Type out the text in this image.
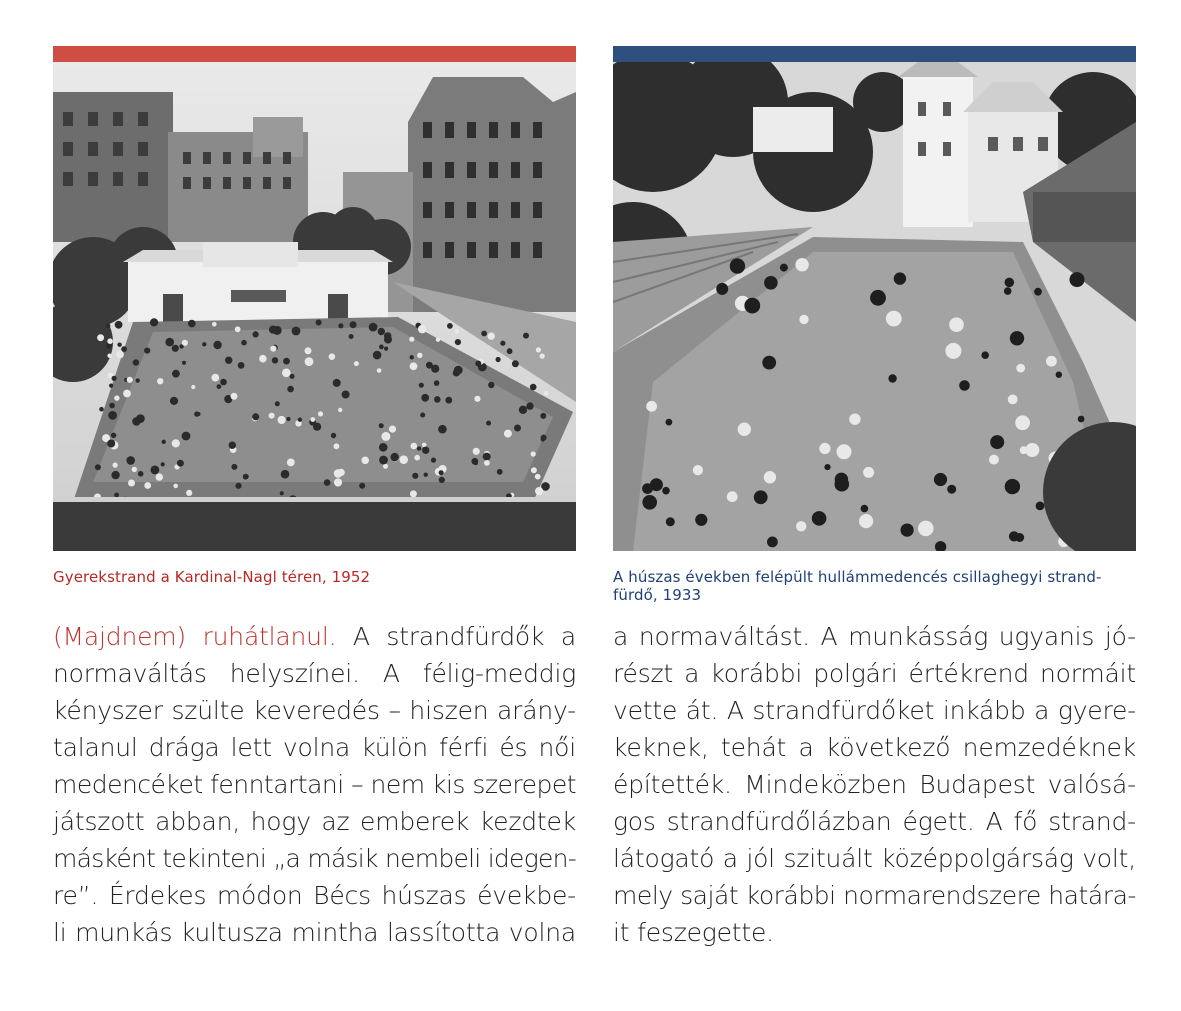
Gyerekstrand a Kardinal-Nagl téren, 1952	A húszas években felépült hullámmedencés csillaghegyi strand-
fürdő, 1933
(Majdnem) ruhátlanul. A strandfürdők a
normaváltás helyszínei. A félig-meddig
kényszer szülte keveredés – hiszen arány-
talanul drága lett volna külön férfi és női
medencéket fenntartani – nem kis szerepet
játszott abban, hogy az emberek kezdtek
másként tekinteni „a másik nembeli idegen-
re”. Érdekes módon Bécs húszas évekbe-
li munkás kultusza mintha lassította volna
a normaváltást. A munkásság ugyanis jó-
részt a korábbi polgári értékrend normáit
vette át. A strandfürdőket inkább a gyere-
keknek, tehát a következő nemzedéknek
építették. Mindeközben Budapest valósá-
gos strandfürdőlázban égett. A fő strand-
látogató a jól szituált középpolgárság volt,
mely saját korábbi normarendszere határa-
it feszegette.
